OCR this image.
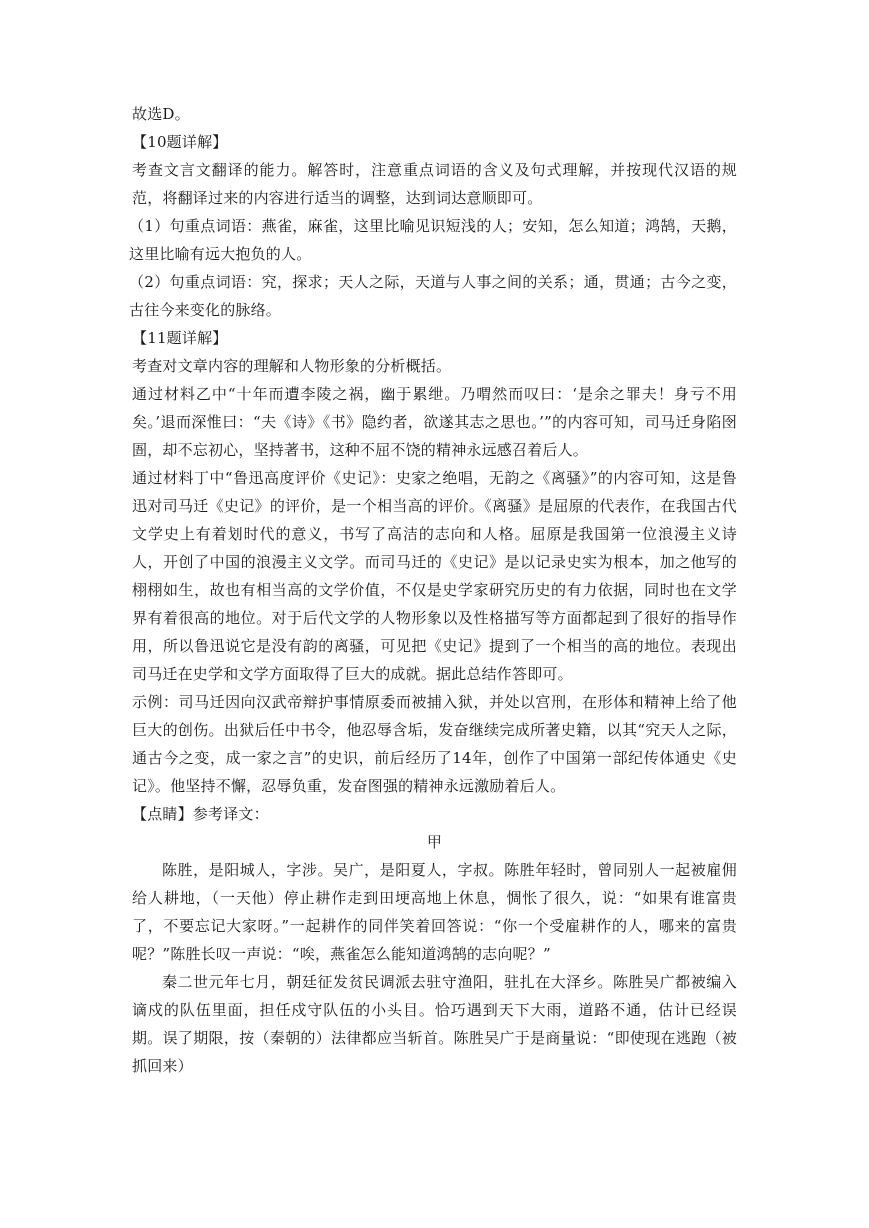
故选D。

【10题详解】

考查文言文翻译的能力。解答时，注意重点词语的含义及句式理解，并按现代汉语的规范，将翻译过来的内容进行适当的调整，达到词达意顺即可。

（1）句重点词语：燕雀，麻雀，这里比喻见识短浅的人；安知，怎么知道；鸿鹄，天鹅，这里比喻有远大抱负的人。

（2）句重点词语：究，探求；天人之际，天道与人事之间的关系；通，贯通；古今之变，古往今来变化的脉络。

【11题详解】

考查对文章内容的理解和人物形象的分析概括。

通过材料乙中“十年而遭李陵之祸，幽于累绁。乃喟然而叹曰：‘是余之罪夫！身亏不用矣。’退而深惟曰：“夫《诗》《书》隐约者，欲遂其志之思也。’”的内容可知，司马迁身陷囹圄，却不忘初心，坚持著书，这种不屈不饶的精神永远感召着后人。

通过材料丁中“鲁迅高度评价《史记》：史家之绝唱，无韵之《离骚》”的内容可知，这是鲁迅对司马迁《史记》的评价，是一个相当高的评价。《离骚》是屈原的代表作，在我国古代文学史上有着划时代的意义，书写了高洁的志向和人格。屈原是我国第一位浪漫主义诗人，开创了中国的浪漫主义文学。而司马迁的《史记》是以记录史实为根本，加之他写的栩栩如生，故也有相当高的文学价值，不仅是史学家研究历史的有力依据，同时也在文学界有着很高的地位。对于后代文学的人物形象以及性格描写等方面都起到了很好的指导作用，所以鲁迅说它是没有韵的离骚，可见把《史记》提到了一个相当的高的地位。表现出司马迁在史学和文学方面取得了巨大的成就。据此总结作答即可。

示例：司马迁因向汉武帝辩护事情原委而被捕入狱，并处以宫刑，在形体和精神上给了他巨大的创伤。出狱后任中书令，他忍辱含垢，发奋继续完成所著史籍，以其“究天人之际，通古今之变，成一家之言”的史识，前后经历了14年，创作了中国第一部纪传体通史《史记》。他坚持不懈，忍辱负重，发奋图强的精神永远激励着后人。

【点睛】参考译文：

甲

陈胜，是阳城人，字涉。吴广，是阳夏人，字叔。陈胜年轻时，曾同别人一起被雇佣给人耕地，（一天他）停止耕作走到田埂高地上休息，惆怅了很久，说：“如果有谁富贵了，不要忘记大家呀。”一起耕作的同伴笑着回答说：“你一个受雇耕作的人，哪来的富贵呢？”陈胜长叹一声说：“唉，燕雀怎么能知道鸿鹄的志向呢？”

秦二世元年七月，朝廷征发贫民调派去驻守渔阳，驻扎在大泽乡。陈胜吴广都被编入谪戍的队伍里面，担任戍守队伍的小头目。恰巧遇到天下大雨，道路不通，估计已经误期。误了期限，按（秦朝的）法律都应当斩首。陈胜吴广于是商量说：“即使现在逃跑（被抓回来）
